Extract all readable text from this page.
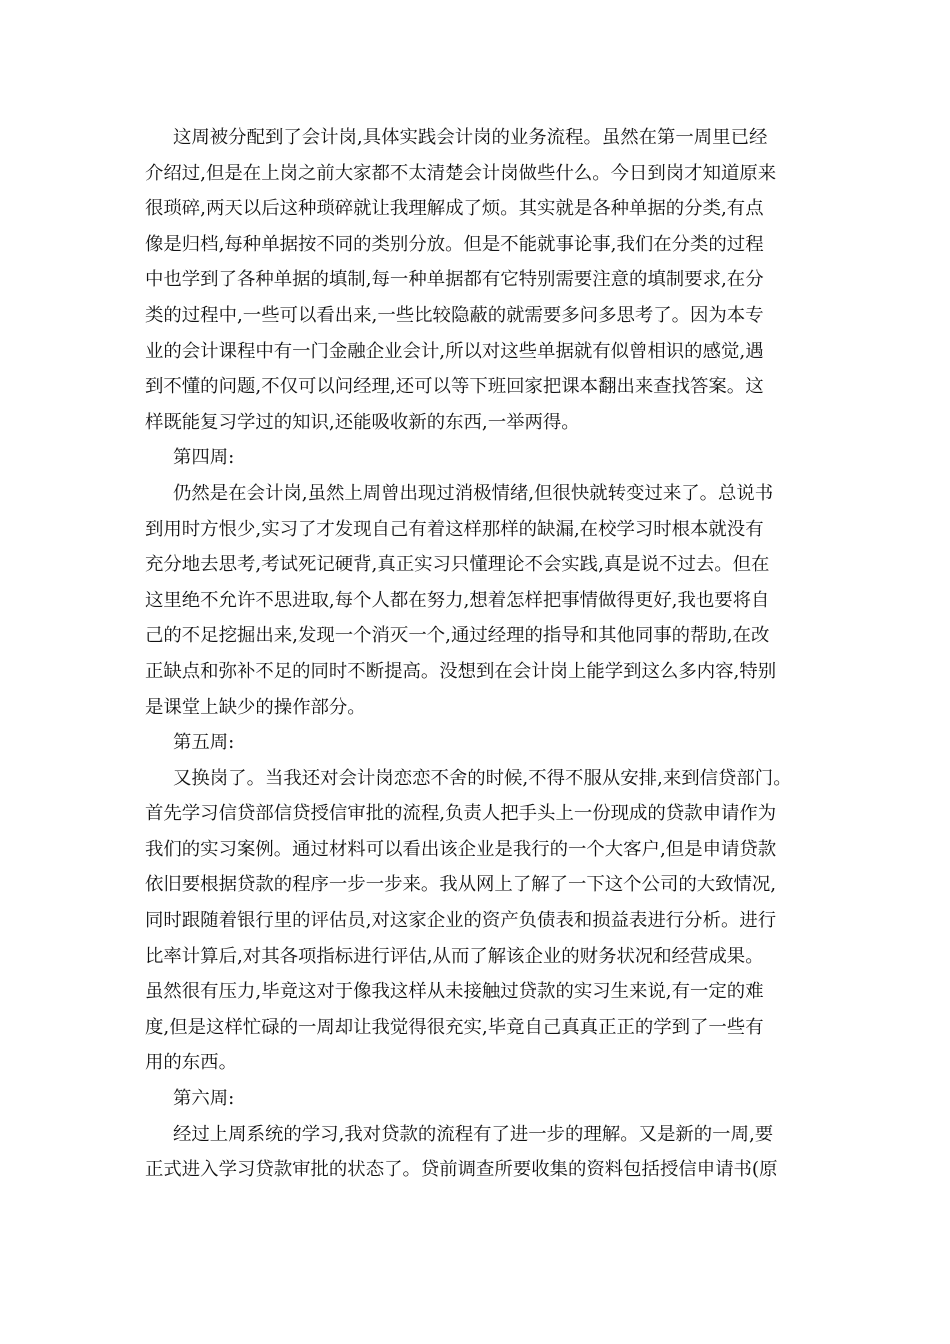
这周被分配到了会计岗,具体实践会计岗的业务流程。虽然在第一周里已经
介绍过,但是在上岗之前大家都不太清楚会计岗做些什么。今日到岗才知道原来
很琐碎,两天以后这种琐碎就让我理解成了烦。其实就是各种单据的分类,有点
像是归档,每种单据按不同的类别分放。但是不能就事论事,我们在分类的过程
中也学到了各种单据的填制,每一种单据都有它特别需要注意的填制要求,在分
类的过程中,一些可以看出来,一些比较隐蔽的就需要多问多思考了。因为本专
业的会计课程中有一门金融企业会计,所以对这些单据就有似曾相识的感觉,遇
到不懂的问题,不仅可以问经理,还可以等下班回家把课本翻出来查找答案。这
样既能复习学过的知识,还能吸收新的东西,一举两得。
第四周:
仍然是在会计岗,虽然上周曾出现过消极情绪,但很快就转变过来了。总说书
到用时方恨少,实习了才发现自己有着这样那样的缺漏,在校学习时根本就没有
充分地去思考,考试死记硬背,真正实习只懂理论不会实践,真是说不过去。但在
这里绝不允许不思进取,每个人都在努力,想着怎样把事情做得更好,我也要将自
己的不足挖掘出来,发现一个消灭一个,通过经理的指导和其他同事的帮助,在改
正缺点和弥补不足的同时不断提高。没想到在会计岗上能学到这么多内容,特别
是课堂上缺少的操作部分。
第五周:
又换岗了。当我还对会计岗恋恋不舍的时候,不得不服从安排,来到信贷部门。
首先学习信贷部信贷授信审批的流程,负责人把手头上一份现成的贷款申请作为
我们的实习案例。通过材料可以看出该企业是我行的一个大客户,但是申请贷款
依旧要根据贷款的程序一步一步来。我从网上了解了一下这个公司的大致情况,
同时跟随着银行里的评估员,对这家企业的资产负债表和损益表进行分析。进行
比率计算后,对其各项指标进行评估,从而了解该企业的财务状况和经营成果。
虽然很有压力,毕竟这对于像我这样从未接触过贷款的实习生来说,有一定的难
度,但是这样忙碌的一周却让我觉得很充实,毕竟自己真真正正的学到了一些有
用的东西。
第六周:
经过上周系统的学习,我对贷款的流程有了进一步的理解。又是新的一周,要
正式进入学习贷款审批的状态了。贷前调查所要收集的资料包括授信申请书(原
